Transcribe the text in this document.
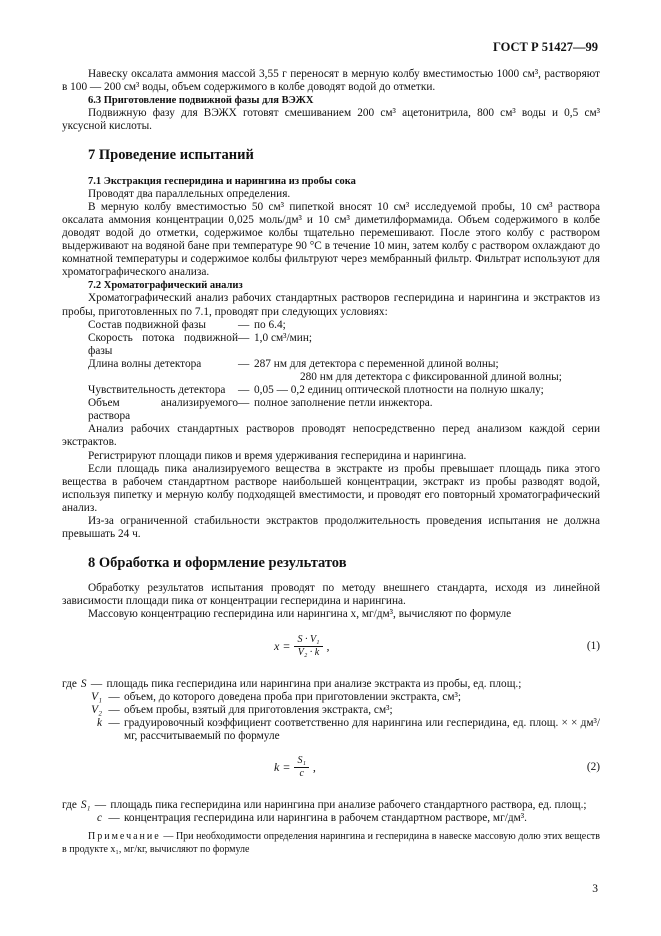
ГОСТ Р 51427—99

Навеску оксалата аммония массой 3,55 г переносят в мерную колбу вместимостью 1000 см³, растворяют в 100 — 200 см³ воды, объем содержимого в колбе доводят водой до отметки.

6.3 Приготовление подвижной фазы для ВЭЖХ

Подвижную фазу для ВЭЖХ готовят смешиванием 200 см³ ацетонитрила, 800 см³ воды и 0,5 см³ уксусной кислоты.

7 Проведение испытаний

7.1 Экстракция гесперидина и нарингина из пробы сока

Проводят два параллельных определения.

В мерную колбу вместимостью 50 см³ пипеткой вносят 10 см³ исследуемой пробы, 10 см³ раствора оксалата аммония концентрации 0,025 моль/дм³ и 10 см³ диметилформамида. Объем содержимого в колбе доводят водой до отметки, содержимое колбы тщательно перемешивают. После этого колбу с раствором выдерживают на водяной бане при температуре 90 °С в течение 10 мин, затем колбу с раствором охлаждают до комнатной температуры и содержимое колбы фильтруют через мембранный фильтр. Фильтрат используют для хроматографического анализа.

7.2 Хроматографический анализ

Хроматографический анализ рабочих стандартных растворов гесперидина и нарингина и экстрактов из пробы, приготовленных по 7.1, проводят при следующих условиях:

Состав подвижной фазы	— по 6.4;
Скорость потока подвижной фазы
— 1,0 см³/мин;
Длина волны детектора	— 287 нм для детектора с переменной длиной волны;
280 нм для детектора с фиксированной длиной волны;
Чувствительность детектора	— 0,05 — 0,2 единиц оптической плотности на полную шкалу;
Объем анализируемого раствора
— полное заполнение петли инжектора.

Анализ рабочих стандартных растворов проводят непосредственно перед анализом каждой серии экстрактов.

Регистрируют площади пиков и время удерживания гесперидина и нарингина.

Если площадь пика анализируемого вещества в экстракте из пробы превышает площадь пика этого вещества в рабочем стандартном растворе наибольшей концентрации, экстракт из пробы разводят водой, используя пипетку и мерную колбу подходящей вместимости, и проводят его повторный хроматографический анализ.

Из-за ограниченной стабильности экстрактов продолжительность проведения испытания не должна превышать 24 ч.

8 Обработка и оформление результатов

Обработку результатов испытания проводят по методу внешнего стандарта, исходя из линейной зависимости площади пика от концентрации гесперидина и нарингина.

Массовую концентрацию гесперидина или нарингина x, мг/дм³, вычисляют по формуле

$x = \frac{\text{S · V₁}}{\text{V₂ · k}}$ ,	(1)
где S — площадь пика гесперидина или нарингина при анализе экстракта из пробы, ед. площ.;
V₁ — объем, до которого доведена проба при приготовлении экстракта, см³;
V₂ — объем пробы, взятый для приготовления экстракта, см³;
k — градуировочный коэффициент соответственно для нарингина или гесперидина, ед. площ. × × дм³/мг, рассчитываемый по формуле
$k = \frac{\text{S₁}}{c}$ ,	(2)
где S₁ — площадь пика гесперидина или нарингина при анализе рабочего стандартного раствора, ед. площ.;
c — концентрация гесперидина или нарингина в рабочем стандартном растворе, мг/дм³.

Примечание — При необходимости определения нарингина и гесперидина в навеске массовую долю этих веществ в продукте x₁, мг/кг, вычисляют по формуле

3
